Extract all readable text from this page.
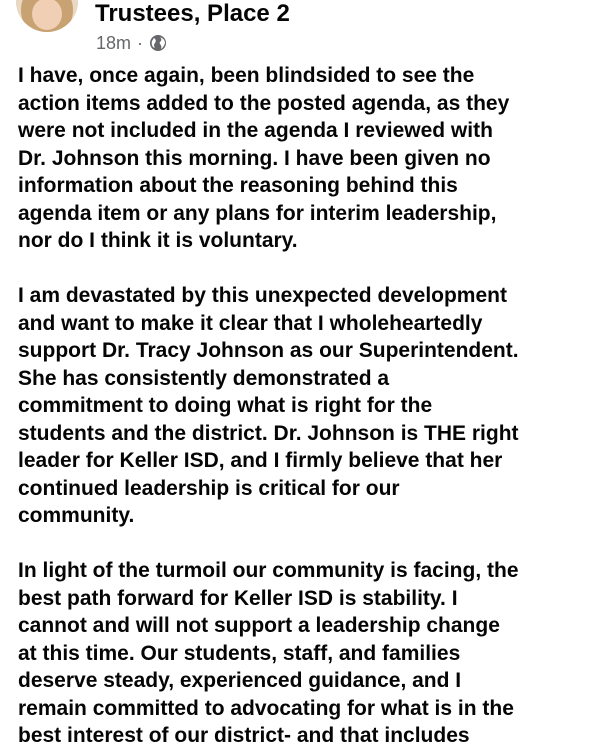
Trustees, Place 2
18m ·

I have, once again, been blindsided to see the
action items added to the posted agenda, as they
were not included in the agenda I reviewed with
Dr. Johnson this morning. I have been given no
information about the reasoning behind this
agenda item or any plans for interim leadership,
nor do I think it is voluntary.

I am devastated by this unexpected development
and want to make it clear that I wholeheartedly
support Dr. Tracy Johnson as our Superintendent.
She has consistently demonstrated a
commitment to doing what is right for the
students and the district. Dr. Johnson is THE right
leader for Keller ISD, and I firmly believe that her
continued leadership is critical for our
community.

In light of the turmoil our community is facing, the
best path forward for Keller ISD is stability. I
cannot and will not support a leadership change
at this time. Our students, staff, and families
deserve steady, experienced guidance, and I
remain committed to advocating for what is in the
best interest of our district- and that includes
